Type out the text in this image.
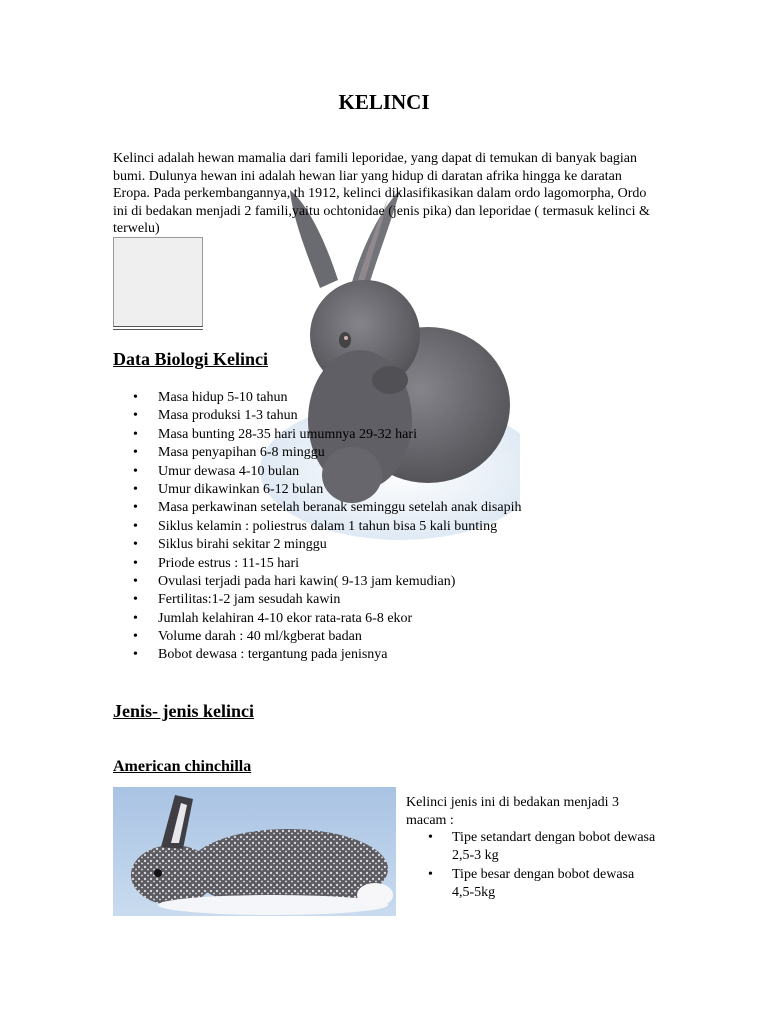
KELINCI

Kelinci adalah hewan mamalia dari famili leporidae, yang dapat di temukan di banyak bagian bumi. Dulunya hewan ini adalah hewan liar yang hidup di daratan afrika hingga ke daratan Eropa. Pada perkembangannya, th 1912, kelinci diklasifikasikan dalam ordo lagomorpha, Ordo ini di bedakan menjadi 2 famili,yaitu ochtonidae (jenis pika) dan leporidae ( termasuk kelinci & terwelu)

Data Biologi Kelinci
• Masa hidup 5-10 tahun
• Masa produksi 1-3 tahun
• Masa bunting 28-35 hari umumnya 29-32 hari
• Masa penyapihan 6-8 minggu
• Umur dewasa 4-10 bulan
• Umur dikawinkan 6-12 bulan
• Masa perkawinan setelah beranak seminggu setelah anak disapih
• Siklus kelamin : poliestrus dalam 1 tahun bisa 5 kali bunting
• Siklus birahi sekitar 2 minggu
• Priode estrus : 11-15 hari
• Ovulasi terjadi pada hari kawin( 9-13 jam kemudian)
• Fertilitas:1-2 jam sesudah kawin
• Jumlah kelahiran 4-10 ekor rata-rata 6-8 ekor
• Volume darah : 40 ml/kgberat badan
• Bobot dewasa : tergantung pada jenisnya
Jenis- jenis kelinci
American chinchilla

Kelinci jenis ini di bedakan menjadi 3 macam :

• Tipe setandart dengan bobot dewasa 2,5-3 kg
• Tipe besar dengan bobot dewasa 4,5-5kg
